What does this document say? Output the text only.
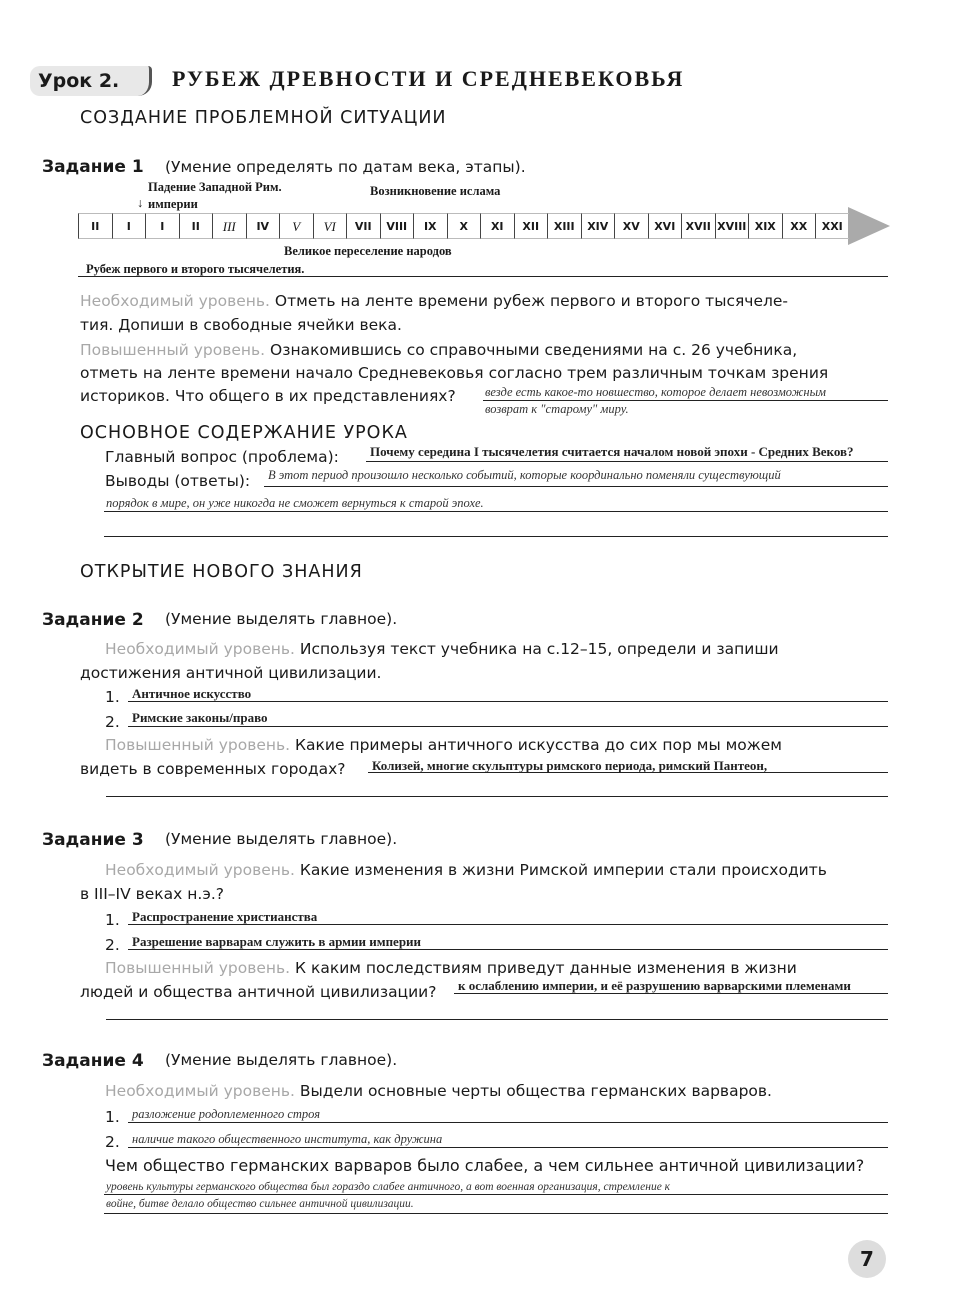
Урок 2.	РУБЕЖ ДРЕВНОСТИ И СРЕДНЕВЕКОВЬЯ
СОЗДАНИЕ ПРОБЛЕМНОЙ СИТУАЦИИ
Задание 1 (Умение определять по датам века, этапы).
Падение Западной Рим.
↓ империи
Возникновение ислама
II	I	I	II	III	IV	V	VI	VII	VIII	IX	X	XI	XII	XIII	XIV	XV	XVI XVII XVIII XIX	XX	XXI
Великое переселение народов
Рубеж первого и второго тысячелетия.
Необходимый уровень. Отметь на ленте времени рубеж первого и второго тысячеле-
тия. Допиши в свободные ячейки века.
Повышенный уровень. Ознакомившись со справочными сведениями на с. 26 учебника,
отметь на ленте времени начало Средневековья согласно трем различным точкам зрения
историков. Что общего в их представлениях? везде есть какое-то новшество, которое делает невозможным
возврат к "старому" миру.
ОСНОВНОЕ СОДЕРЖАНИЕ УРОКА
Главный вопрос (проблема): Почему середина I тысячелетия считается началом новой эпохи - Средних Веков?
Выводы (ответы): В этот период произошло несколько событий, которые координально поменяли существующий
порядок в мире, он уже никогда не сможет вернуться к старой эпохе.
ОТКРЫТИЕ НОВОГО ЗНАНИЯ
Задание 2 (Умение выделять главное).
Необходимый уровень. Используя текст учебника на с.12–15, определи и запиши
достижения античной цивилизации.
1. Античное искусство
2. Римские законы/право
Повышенный уровень. Какие примеры античного искусства до сих пор мы можем
видеть в современных городах? Колизей, многие скульптуры римского периода, римский Пантеон,
Задание 3 (Умение выделять главное).
Необходимый уровень. Какие изменения в жизни Римской империи стали происходить
в III–IV веках н.э.?
1. Распространение христианства
2. Разрешение варварам служить в армии империи
Повышенный уровень. К каким последствиям приведут данные изменения в жизни
людей и общества античной цивилизации? к ослаблению империи, и её разрушению варварскими племенами
Задание 4 (Умение выделять главное).
Необходимый уровень. Выдели основные черты общества германских варваров.
1. разложение родоплеменного строя
2. наличие такого общественного института, как дружина
Чем общество германских варваров было слабее, а чем сильнее античной цивилизации?
уровень культуры германского общества был гораздо слабее античного, а вот военная организация, стремление к
войне, битве делало общество сильнее античной цивилизации.
7
